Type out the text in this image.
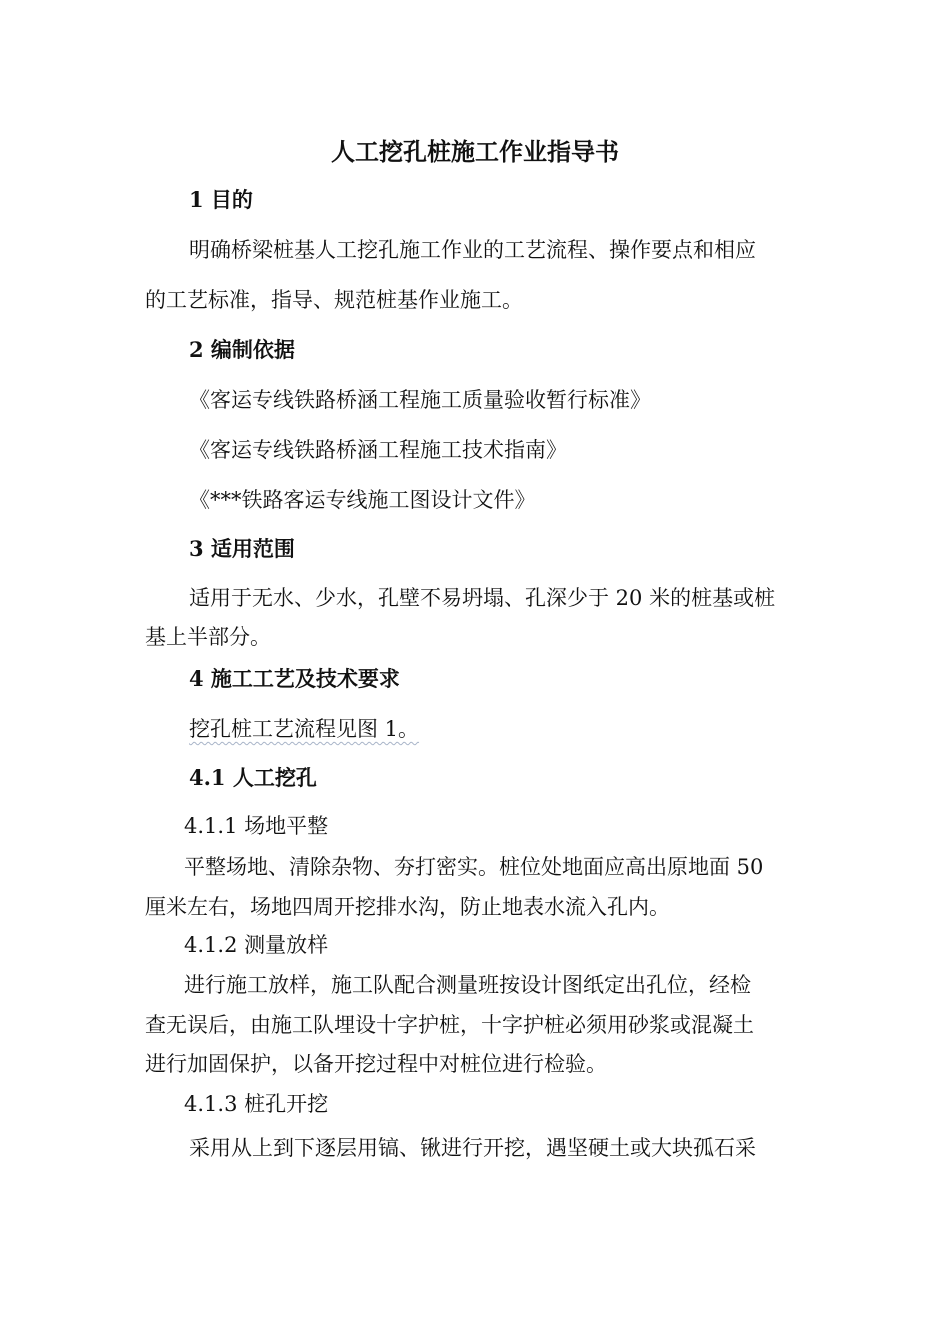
人工挖孔桩施工作业指导书
1 目的
明确桥梁桩基人工挖孔施工作业的工艺流程、操作要点和相应
的工艺标准，指导、规范桩基作业施工。
2 编制依据
《客运专线铁路桥涵工程施工质量验收暂行标准》
《客运专线铁路桥涵工程施工技术指南》
《***铁路客运专线施工图设计文件》
3 适用范围
适用于无水、少水，孔壁不易坍塌、孔深少于 20 米的桩基或桩
基上半部分。
4 施工工艺及技术要求
挖孔桩工艺流程见图 1。
4.1 人工挖孔
4.1.1 场地平整
平整场地、清除杂物、夯打密实。桩位处地面应高出原地面 50
厘米左右，场地四周开挖排水沟，防止地表水流入孔内。
4.1.2 测量放样
进行施工放样，施工队配合测量班按设计图纸定出孔位，经检
查无误后，由施工队埋设十字护桩，十字护桩必须用砂浆或混凝土
进行加固保护，以备开挖过程中对桩位进行检验。
4.1.3 桩孔开挖
采用从上到下逐层用镐、锹进行开挖，遇坚硬土或大块孤石采
